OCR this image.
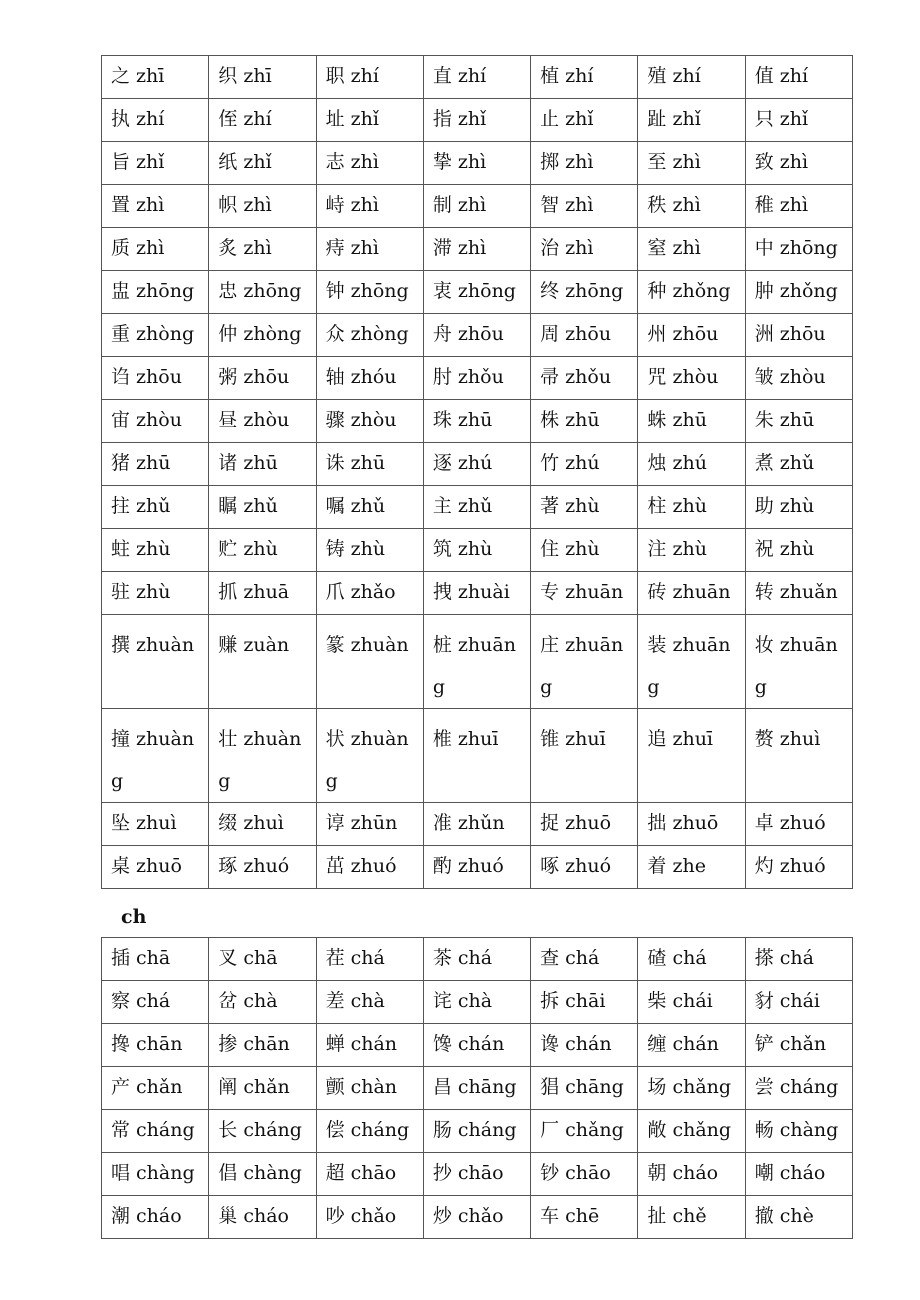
之 zhī	织 zhī	职 zhí	直 zhí	植 zhí	殖 zhí	值 zhí
执 zhí	侄 zhí	址 zhǐ	指 zhǐ	止 zhǐ	趾 zhǐ	只 zhǐ
旨 zhǐ	纸 zhǐ	志 zhì	挚 zhì	掷 zhì	至 zhì	致 zhì
置 zhì	帜 zhì	峙 zhì	制 zhì	智 zhì	秩 zhì	稚 zhì
质 zhì	炙 zhì	痔 zhì	滞 zhì	治 zhì	窒 zhì	中 zhōng
盅 zhōng	忠 zhōng	钟 zhōng	衷 zhōng	终 zhōng	种 zhǒng	肿 zhǒng
重 zhòng	仲 zhòng	众 zhòng	舟 zhōu	周 zhōu	州 zhōu	洲 zhōu
诌 zhōu	粥 zhōu	轴 zhóu	肘 zhǒu	帚 zhǒu	咒 zhòu	皱 zhòu
宙 zhòu	昼 zhòu	骤 zhòu	珠 zhū	株 zhū	蛛 zhū	朱 zhū
猪 zhū	诸 zhū	诛 zhū	逐 zhú	竹 zhú	烛 zhú	煮 zhǔ
拄 zhǔ	瞩 zhǔ	嘱 zhǔ	主 zhǔ	著 zhù	柱 zhù	助 zhù
蛀 zhù	贮 zhù	铸 zhù	筑 zhù	住 zhù	注 zhù	祝 zhù
驻 zhù	抓 zhuā	爪 zhǎo	拽 zhuài	专 zhuān	砖 zhuān	转 zhuǎn
撰 zhuàn	赚 zuàn	篆 zhuàn	桩 zhuāng	庄 zhuāng	装 zhuāng	妆 zhuāng
撞 zhuàng	壮 zhuàng	状 zhuàng	椎 zhuī	锥 zhuī	追 zhuī	赘 zhuì
坠 zhuì	缀 zhuì	谆 zhūn	准 zhǔn	捉 zhuō	拙 zhuō	卓 zhuó
桌 zhuō	琢 zhuó	茁 zhuó	酌 zhuó	啄 zhuó	着 zhe	灼 zhuó
ch
插 chā	叉 chā	茬 chá	茶 chá	查 chá	碴 chá	搽 chá
察 chá	岔 chà	差 chà	诧 chà	拆 chāi	柴 chái	豺 chái
搀 chān	掺 chān	蝉 chán	馋 chán	谗 chán	缠 chán	铲 chǎn
产 chǎn	阐 chǎn	颤 chàn	昌 chāng	猖 chāng	场 chǎng	尝 cháng
常 cháng	长 cháng	偿 cháng	肠 cháng	厂 chǎng	敞 chǎng	畅 chàng
唱 chàng	倡 chàng	超 chāo	抄 chāo	钞 chāo	朝 cháo	嘲 cháo
潮 cháo	巢 cháo	吵 chǎo	炒 chǎo	车 chē	扯 chě	撤 chè
